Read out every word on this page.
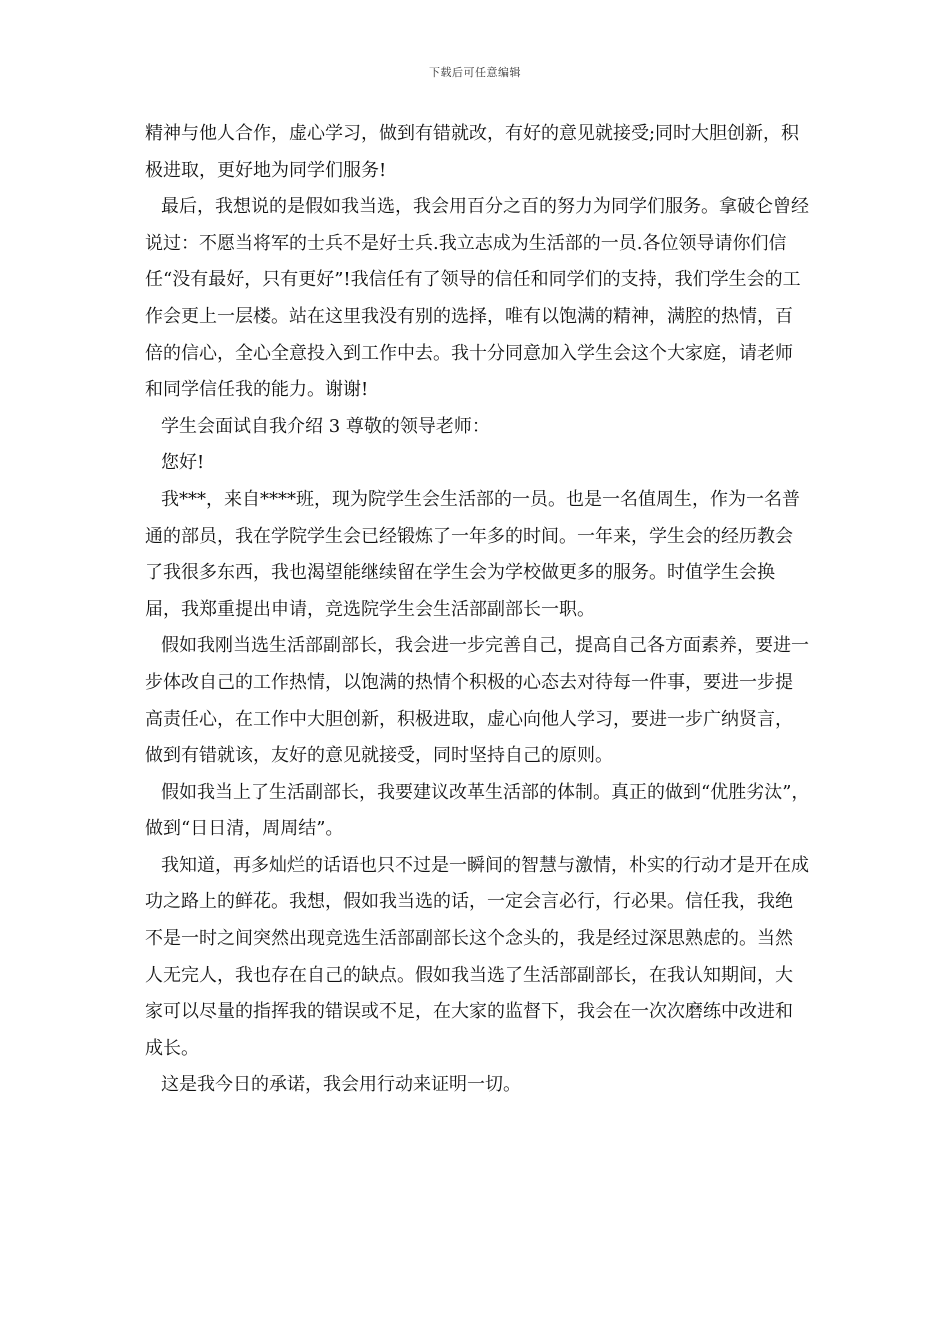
下载后可任意编辑

精神与他人合作，虚心学习，做到有错就改，有好的意见就接受;同时大胆创新，积极进取，更好地为同学们服务!

最后，我想说的是假如我当选，我会用百分之百的努力为同学们服务。拿破仑曾经说过：不愿当将军的士兵不是好士兵.我立志成为生活部的一员.各位领导请你们信任“没有最好，只有更好”!我信任有了领导的信任和同学们的支持，我们学生会的工作会更上一层楼。站在这里我没有别的选择，唯有以饱满的精神，满腔的热情，百倍的信心，全心全意投入到工作中去。我十分同意加入学生会这个大家庭，请老师和同学信任我的能力。谢谢!

学生会面试自我介绍 3 尊敬的领导老师：

您好!

我***，来自****班，现为院学生会生活部的一员。也是一名值周生，作为一名普通的部员，我在学院学生会已经锻炼了一年多的时间。一年来，学生会的经历教会了我很多东西，我也渴望能继续留在学生会为学校做更多的服务。时值学生会换届，我郑重提出申请，竞选院学生会生活部副部长一职。

假如我刚当选生活部副部长，我会进一步完善自己，提高自己各方面素养，要进一步体改自己的工作热情，以饱满的热情个积极的心态去对待每一件事，要进一步提高责任心，在工作中大胆创新，积极进取，虚心向他人学习，要进一步广纳贤言，做到有错就该，友好的意见就接受，同时坚持自己的原则。

假如我当上了生活副部长，我要建议改革生活部的体制。真正的做到“优胜劣汰”，做到“日日清，周周结”。

我知道，再多灿烂的话语也只不过是一瞬间的智慧与激情，朴实的行动才是开在成功之路上的鲜花。我想，假如我当选的话，一定会言必行，行必果。信任我，我绝不是一时之间突然出现竞选生活部副部长这个念头的，我是经过深思熟虑的。当然人无完人，我也存在自己的缺点。假如我当选了生活部副部长，在我认知期间，大家可以尽量的指挥我的错误或不足，在大家的监督下，我会在一次次磨练中改进和成长。

这是我今日的承诺，我会用行动来证明一切。
